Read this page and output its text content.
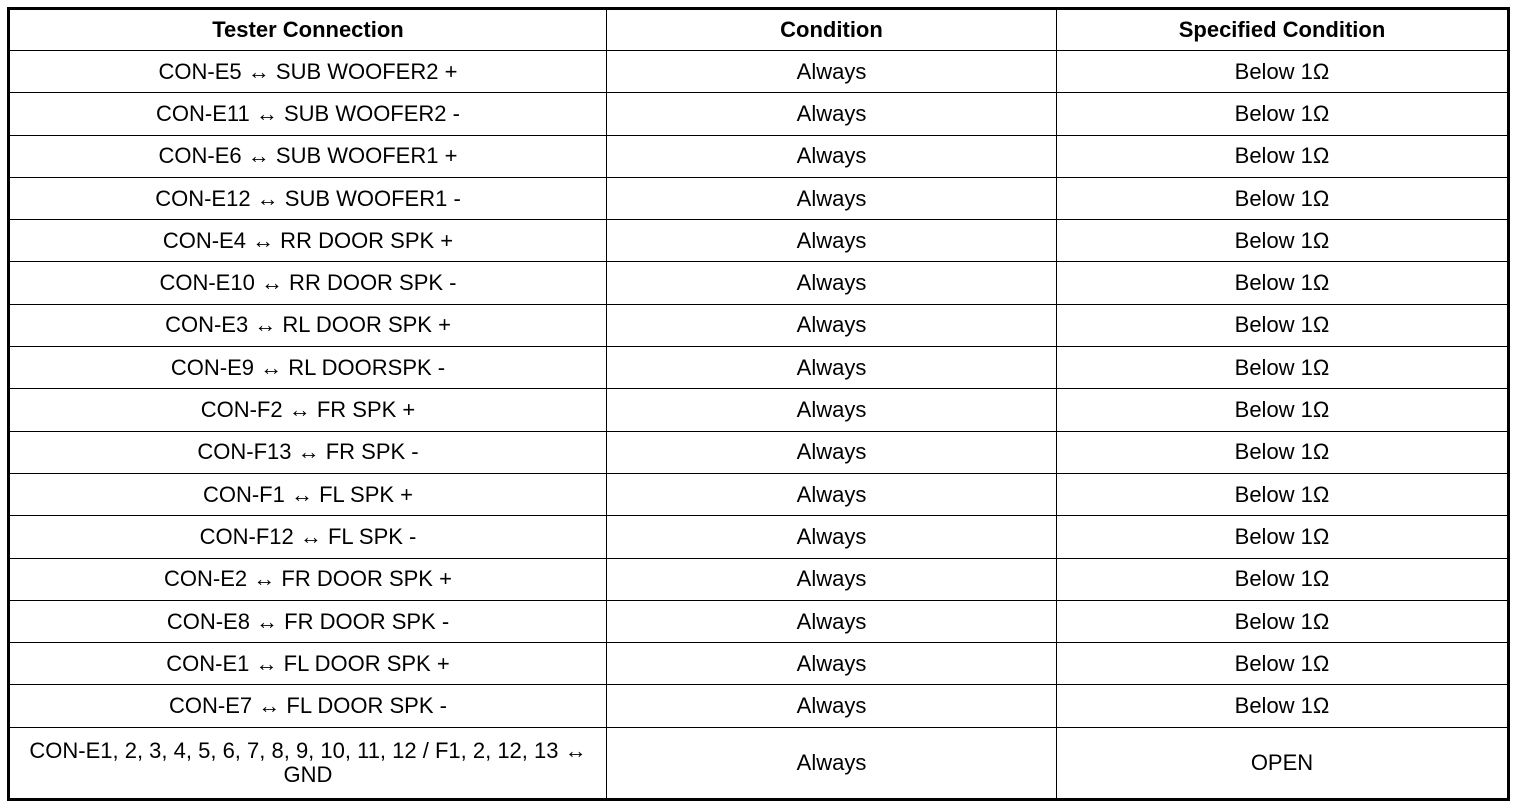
Tester Connection	Condition	Specified Condition
CON-E5 ↔ SUB WOOFER2 +	Always	Below 1Ω
CON-E11 ↔ SUB WOOFER2 -	Always	Below 1Ω
CON-E6 ↔ SUB WOOFER1 +	Always	Below 1Ω
CON-E12 ↔ SUB WOOFER1 -	Always	Below 1Ω
CON-E4 ↔ RR DOOR SPK +	Always	Below 1Ω
CON-E10 ↔ RR DOOR SPK -	Always	Below 1Ω
CON-E3 ↔ RL DOOR SPK +	Always	Below 1Ω
CON-E9 ↔ RL DOORSPK -	Always	Below 1Ω
CON-F2 ↔ FR SPK +	Always	Below 1Ω
CON-F13 ↔ FR SPK -	Always	Below 1Ω
CON-F1 ↔ FL SPK +	Always	Below 1Ω
CON-F12 ↔ FL SPK -	Always	Below 1Ω
CON-E2 ↔ FR DOOR SPK +	Always	Below 1Ω
CON-E8 ↔ FR DOOR SPK -	Always	Below 1Ω
CON-E1 ↔ FL DOOR SPK +	Always	Below 1Ω
CON-E7 ↔ FL DOOR SPK -	Always	Below 1Ω
CON-E1, 2, 3, 4, 5, 6, 7, 8, 9, 10, 11, 12 / F1, 2, 12, 13 ↔ GND	Always	OPEN
